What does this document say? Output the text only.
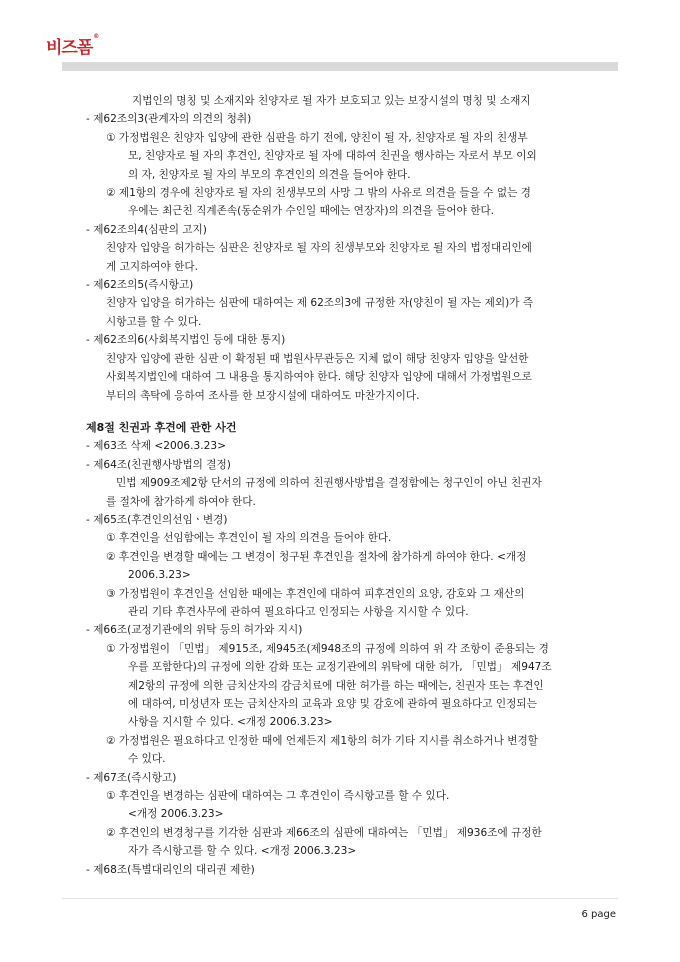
비즈폼®
지법인의 명칭 및 소재지와 친양자로 될 자가 보호되고 있는 보장시설의 명칭 및 소재지
- 제62조의3(관계자의 의견의 청취)
① 가정법원은 친양자 입양에 관한 심판을 하기 전에, 양친이 될 자, 친양자로 될 자의 친생부
모, 친양자로 될 자의 후견인, 친양자로 될 자에 대하여 친권을 행사하는 자로서 부모 이외
의 자, 친양자로 될 자의 부모의 후견인의 의견을 들어야 한다.
② 제1항의 경우에 친양자로 될 자의 친생부모의 사망 그 밖의 사유로 의견을 들을 수 없는 경
우에는 최근친 직계존속(동순위가 수인일 때에는 연장자)의 의견을 들어야 한다.
- 제62조의4(심판의 고지)
친양자 입양을 허가하는 심판은 친양자로 될 자의 친생부모와 친양자로 될 자의 법정대리인에
게 고지하여야 한다.
- 제62조의5(즉시항고)
친양자 입양을 허가하는 심판에 대하여는 제 62조의3에 규정한 자(양친이 될 자는 제외)가 즉
시항고를 할 수 있다.
- 제62조의6(사회복지법인 등에 대한 통지)
친양자 입양에 관한 심판 이 확정된 때 법원사무관등은 지체 없이 해당 친양자 입양을 알선한
사회복지법인에 대하여 그 내용을 통지하여야 한다. 해당 친양자 입양에 대해서 가정법원으로
부터의 촉탁에 응하여 조사를 한 보장시설에 대하여도 마찬가지이다.
제8절 친권과 후견에 관한 사건
- 제63조 삭제 <2006.3.23>
- 제64조(친권행사방법의 결정)
민법 제909조제2항 단서의 규정에 의하여 친권행사방법을 결정함에는 청구인이 아닌 친권자
를 절차에 참가하게 하여야 한다.
- 제65조(후견인의선임ㆍ변경)
① 후견인을 선임함에는 후견인이 될 자의 의견을 들어야 한다.
② 후견인을 변경할 때에는 그 변경이 청구된 후견인을 절차에 참가하게 하여야 한다. <개정
2006.3.23>
③ 가정법원이 후견인을 선임한 때에는 후견인에 대하여 피후견인의 요양, 감호와 그 재산의
관리 기타 후견사무에 관하여 필요하다고 인정되는 사항을 지시할 수 있다.
- 제66조(교정기관에의 위탁 등의 허가와 지시)
① 가정법원이 「민법」 제915조, 제945조(제948조의 규정에 의하여 위 각 조항이 준용되는 경
우를 포함한다)의 규정에 의한 감화 또는 교정기관에의 위탁에 대한 허가, 「민법」 제947조
제2항의 규정에 의한 금치산자의 감금치료에 대한 허가를 하는 때에는, 친권자 또는 후견인
에 대하여, 미성년자 또는 금치산자의 교육과 요양 및 감호에 관하여 필요하다고 인정되는
사항을 지시할 수 있다. <개정 2006.3.23>
② 가정법원은 필요하다고 인정한 때에 언제든지 제1항의 허가 기타 지시를 취소하거나 변경할
수 있다.
- 제67조(즉시항고)
① 후견인을 변경하는 심판에 대하여는 그 후견인이 즉시항고를 할 수 있다.
<개정 2006.3.23>
② 후견인의 변경청구를 기각한 심판과 제66조의 심판에 대하여는 「민법」 제936조에 규정한
자가 즉시항고를 할 수 있다. <개정 2006.3.23>
- 제68조(특별대리인의 대리권 제한)
6 page
